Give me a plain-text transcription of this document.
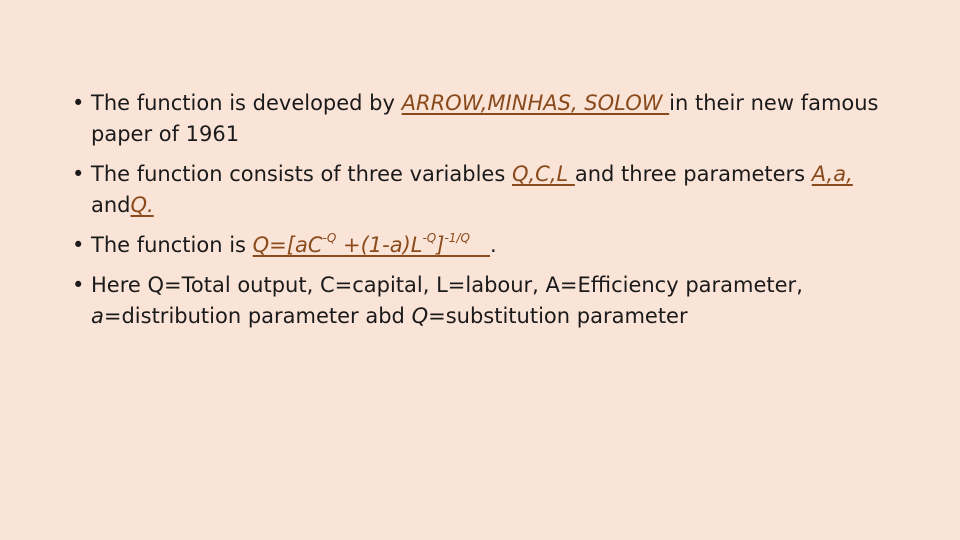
• The function is developed by ARROW,MINHAS, SOLOW in their new famous paper of 1961
• The function consists of three variables Q,C,L and three parameters A,a, andQ.
• The function is $Q=[aC^{-Q} +(1-a)L^{-Q}]^{-1/Q}$ .
• Here Q=Total output, C=capital, L=labour, A=Efficiency parameter, a=distribution parameter abd Q=substitution parameter
